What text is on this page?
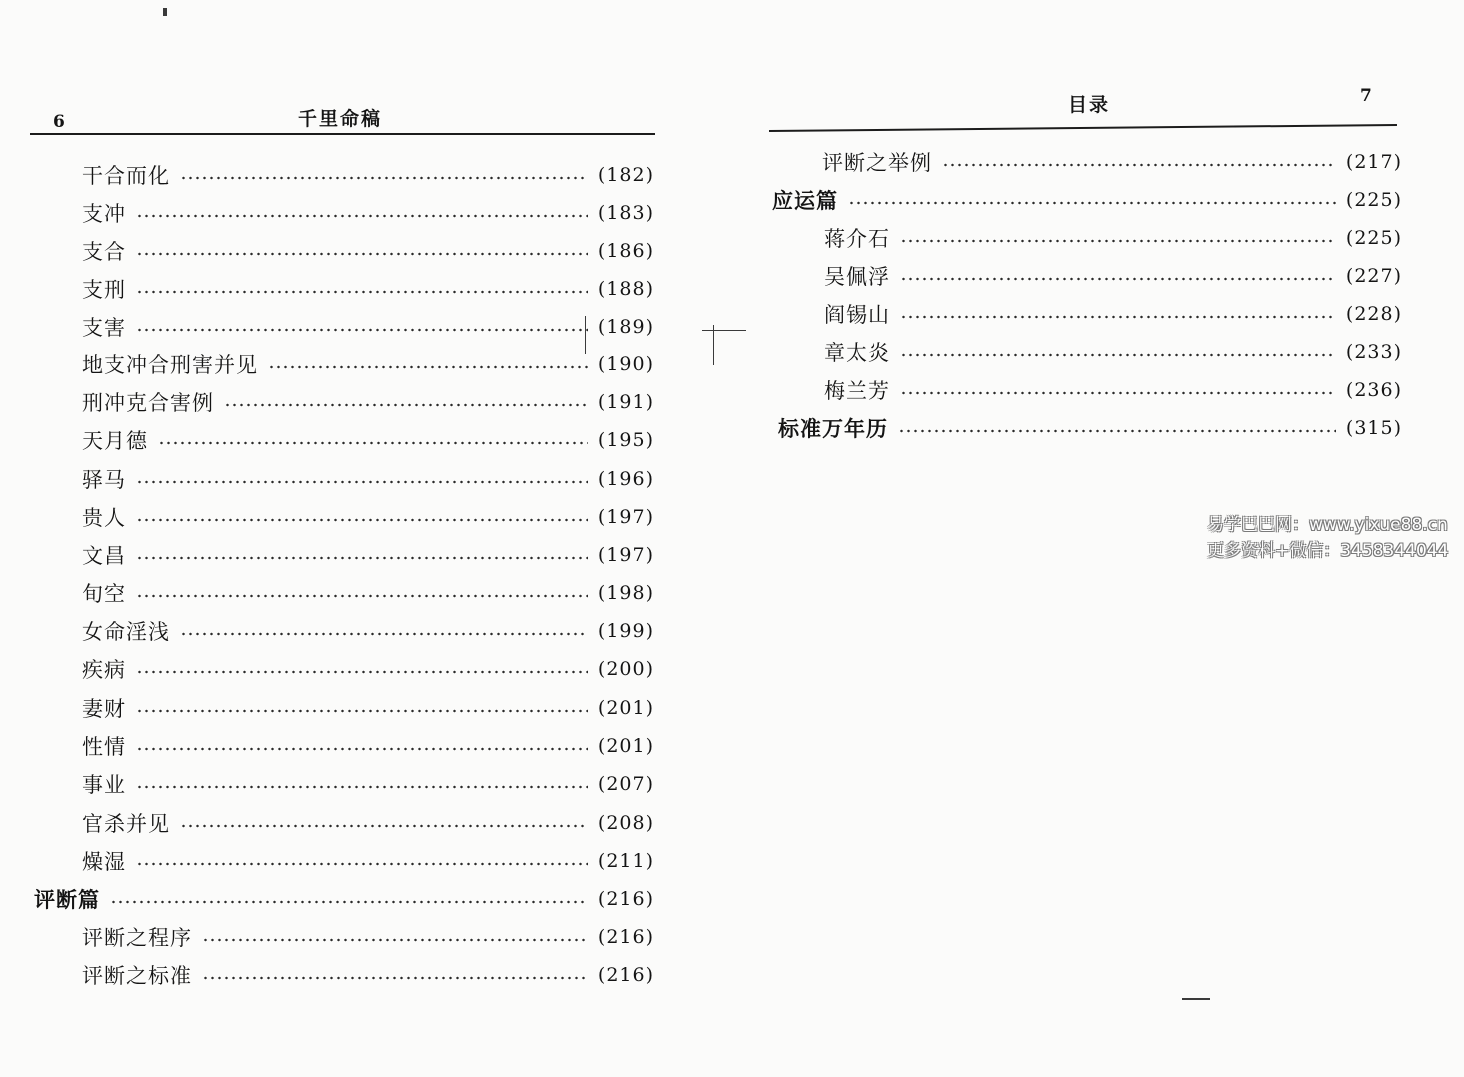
6	千里命稿
干合而化	(182)
支冲	(183)
支合	(186)
支刑	(188)
支害	(189)
地支冲合刑害并见	(190)
刑冲克合害例	(191)
天月德	(195)
驿马	(196)
贵人	(197)
文昌	(197)
旬空	(198)
女命淫浅	(199)
疾病	(200)
妻财	(201)
性情	(201)
事业	(207)
官杀并见	(208)
燥湿	(211)
评断篇	(216)
评断之程序	(216)
评断之标准	(216)
目录	7
评断之举例	(217)
应运篇	(225)
蒋介石	(225)
吴佩浮	(227)
阎锡山	(228)
章太炎	(233)
梅兰芳	(236)
标准万年历	(315)
易学巴巴网：www.yixue88.cn
更多资料+微信：3458344044
